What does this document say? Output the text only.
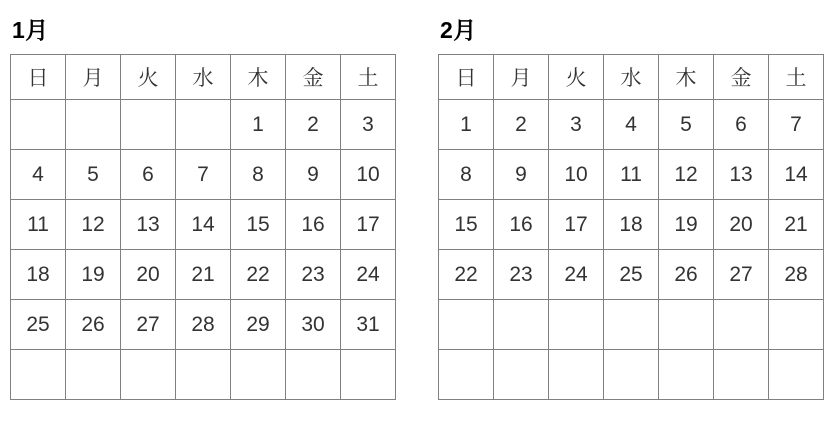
1月
日	月	火	水	木	金	土
				1	2	3
4	5	6	7	8	9	10
11	12	13	14	15	16	17
18	19	20	21	22	23	24
25	26	27	28	29	30	31

2月
日	月	火	水	木	金	土
1	2	3	4	5	6	7
8	9	10	11	12	13	14
15	16	17	18	19	20	21
22	23	24	25	26	27	28
